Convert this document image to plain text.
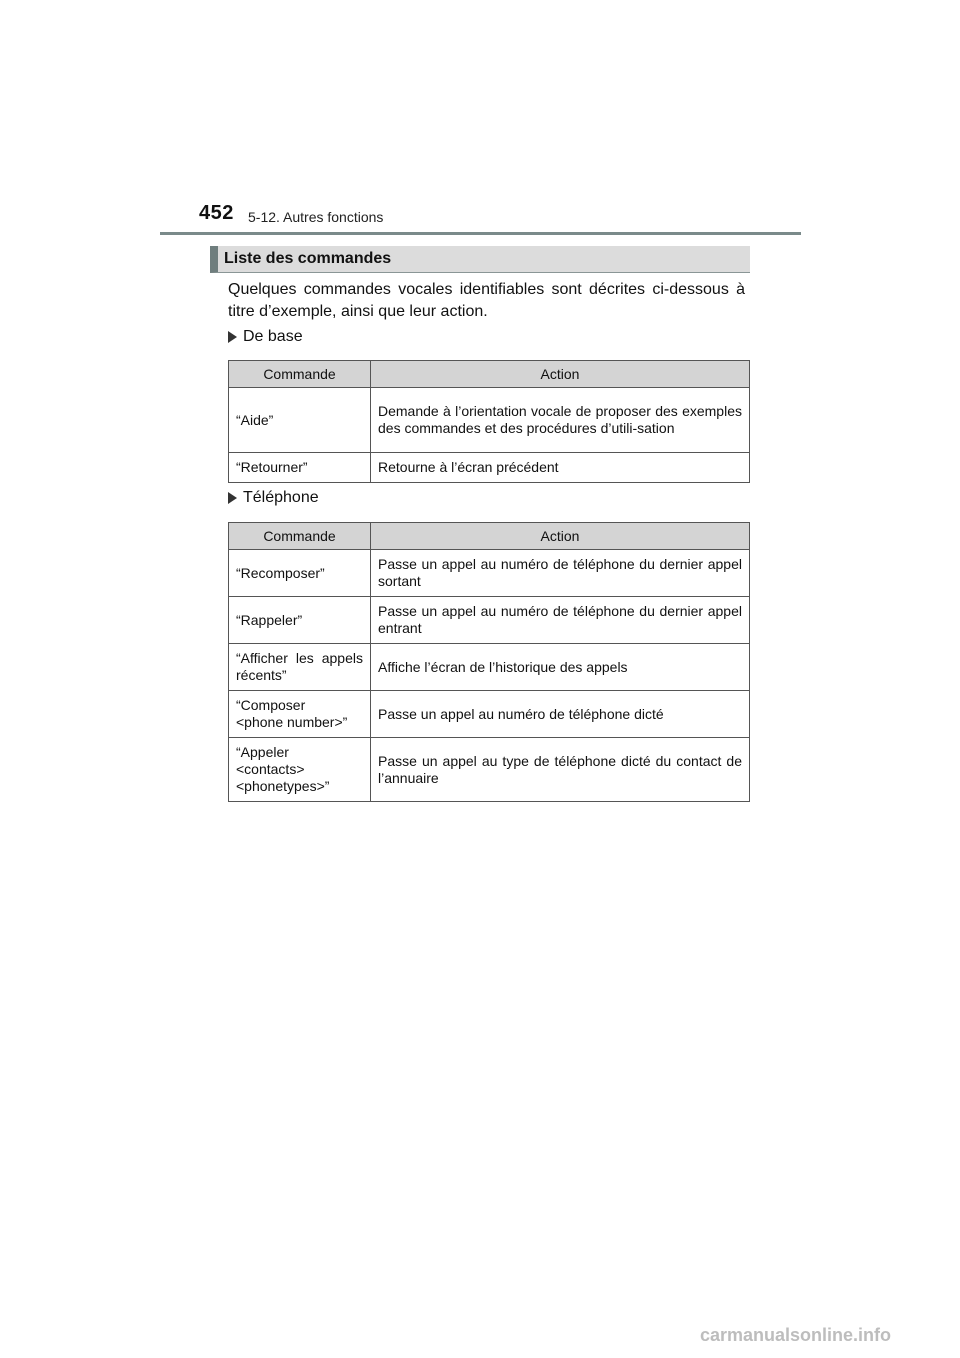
452 5-12. Autres fonctions
Liste des commandes

Quelques commandes vocales identifiables sont décrites ci-dessous à titre d’exemple, ainsi que leur action.

De base
Commande	Action
“Aide”	Demande à l’orientation vocale de proposer des exemples des commandes et des procédures d’utili-sation
“Retourner”	Retourne à l’écran précédent
Téléphone
Commande	Action
“Recomposer”	Passe un appel au numéro de téléphone du dernier appel sortant
“Rappeler”	Passe un appel au numéro de téléphone du dernier appel entrant
“Afficher les appels récents”	Affiche l’écran de l’historique des appels
“Composer
<phone number>”	Passe un appel au numéro de téléphone dicté
“Appeler
<contacts>
<phonetypes>”	Passe un appel au type de téléphone dicté du contact de l’annuaire
carmanualsonline.info
